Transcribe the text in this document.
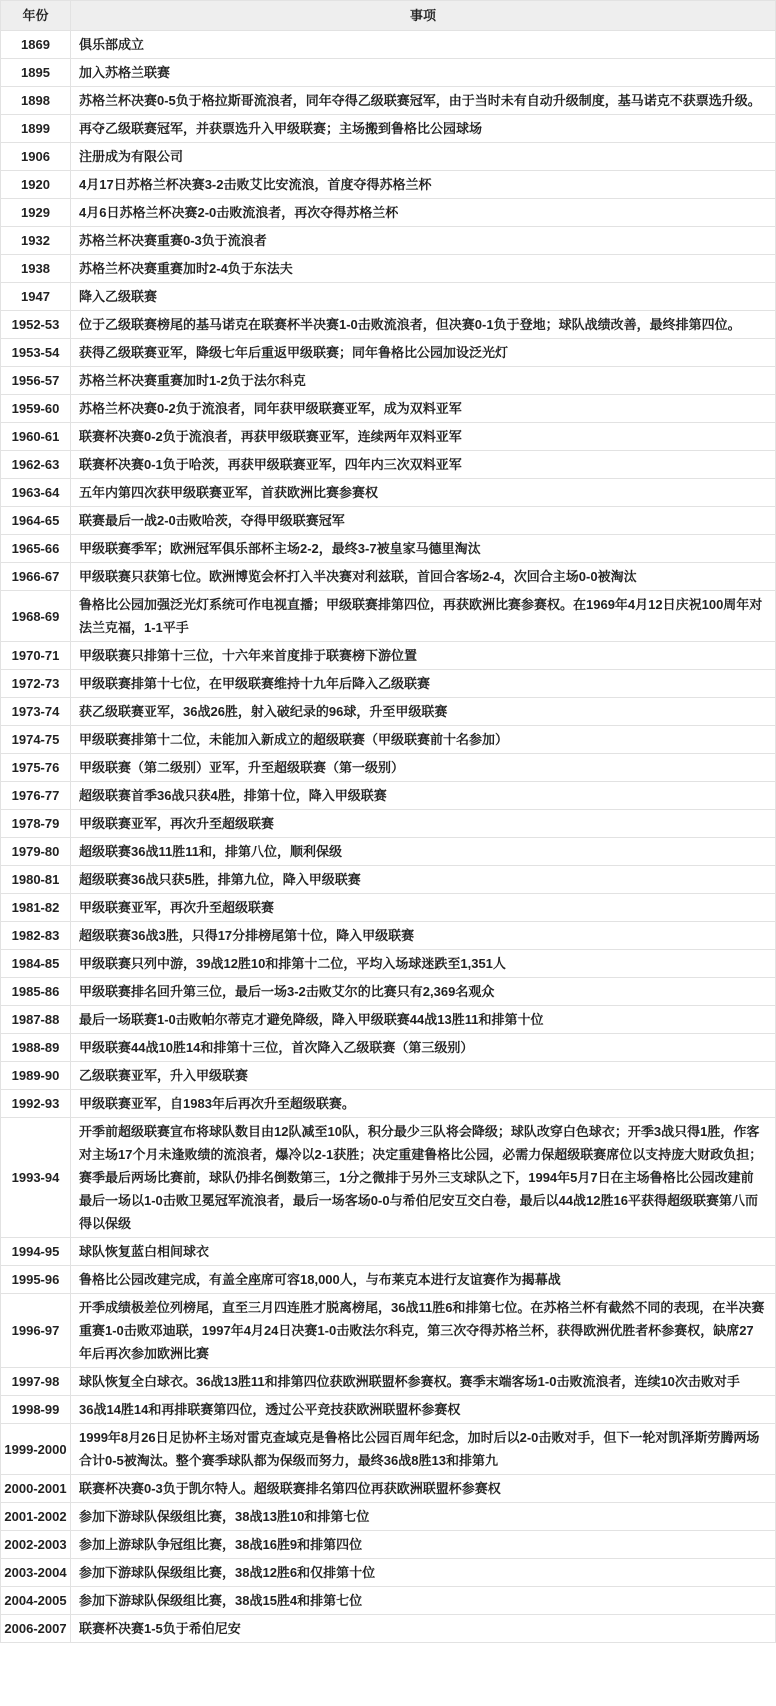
年份	事项
1869	俱乐部成立
1895	加入苏格兰联赛
1898	苏格兰杯决赛0-5负于格拉斯哥流浪者，同年夺得乙级联赛冠军，由于当时未有自动升级制度，基马诺克不获票选升级。
1899	再夺乙级联赛冠军，并获票选升入甲级联赛；主场搬到鲁格比公园球场
1906	注册成为有限公司
1920	4月17日苏格兰杯决赛3-2击败艾比安流浪，首度夺得苏格兰杯
1929	4月6日苏格兰杯决赛2-0击败流浪者，再次夺得苏格兰杯
1932	苏格兰杯决赛重赛0-3负于流浪者
1938	苏格兰杯决赛重赛加时2-4负于东法夫
1947	降入乙级联赛
1952-53	位于乙级联赛榜尾的基马诺克在联赛杯半决赛1-0击败流浪者，但决赛0-1负于登地；球队战绩改善，最终排第四位。
1953-54	获得乙级联赛亚军，降级七年后重返甲级联赛；同年鲁格比公园加设泛光灯
1956-57	苏格兰杯决赛重赛加时1-2负于法尔科克
1959-60	苏格兰杯决赛0-2负于流浪者，同年获甲级联赛亚军，成为双料亚军
1960-61	联赛杯决赛0-2负于流浪者，再获甲级联赛亚军，连续两年双料亚军
1962-63	联赛杯决赛0-1负于哈茨，再获甲级联赛亚军，四年内三次双料亚军
1963-64	五年内第四次获甲级联赛亚军，首获欧洲比赛参赛权
1964-65	联赛最后一战2-0击败哈茨，夺得甲级联赛冠军
1965-66	甲级联赛季军；欧洲冠军俱乐部杯主场2-2，最终3-7被皇家马德里淘汰
1966-67	甲级联赛只获第七位。欧洲博览会杯打入半决赛对利兹联，首回合客场2-4，次回合主场0-0被淘汰
1968-69	鲁格比公园加强泛光灯系统可作电视直播；甲级联赛排第四位，再获欧洲比赛参赛权。在1969年4月12日庆祝100周年对法兰克福，1-1平手
1970-71	甲级联赛只排第十三位，十六年来首度排于联赛榜下游位置
1972-73	甲级联赛排第十七位，在甲级联赛维持十九年后降入乙级联赛
1973-74	获乙级联赛亚军，36战26胜，射入破纪录的96球，升至甲级联赛
1974-75	甲级联赛排第十二位，未能加入新成立的超级联赛（甲级联赛前十名参加）
1975-76	甲级联赛（第二级别）亚军，升至超级联赛（第一级别）
1976-77	超级联赛首季36战只获4胜，排第十位，降入甲级联赛
1978-79	甲级联赛亚军，再次升至超级联赛
1979-80	超级联赛36战11胜11和，排第八位，顺利保级
1980-81	超级联赛36战只获5胜，排第九位，降入甲级联赛
1981-82	甲级联赛亚军，再次升至超级联赛
1982-83	超级联赛36战3胜，只得17分排榜尾第十位，降入甲级联赛
1984-85	甲级联赛只列中游，39战12胜10和排第十二位，平均入场球迷跌至1,351人
1985-86	甲级联赛排名回升第三位，最后一场3-2击败艾尔的比赛只有2,369名观众
1987-88	最后一场联赛1-0击败帕尔蒂克才避免降级，降入甲级联赛44战13胜11和排第十位
1988-89	甲级联赛44战10胜14和排第十三位，首次降入乙级联赛（第三级别）
1989-90	乙级联赛亚军，升入甲级联赛
1992-93	甲级联赛亚军，自1983年后再次升至超级联赛。
1993-94	开季前超级联赛宣布将球队数目由12队减至10队，积分最少三队将会降级；球队改穿白色球衣；开季3战只得1胜，作客对主场17个月未逢败绩的流浪者，爆冷以2-1获胜；决定重建鲁格比公园，必需力保超级联赛席位以支持庞大财政负担；赛季最后两场比赛前，球队仍排名倒数第三，1分之微排于另外三支球队之下，1994年5月7日在主场鲁格比公园改建前最后一场以1-0击败卫冕冠军流浪者，最后一场客场0-0与希伯尼安互交白卷，最后以44战12胜16平获得超级联赛第八而得以保级
1994-95	球队恢复蓝白相间球衣
1995-96	鲁格比公园改建完成，有盖全座席可容18,000人，与布莱克本进行友谊赛作为揭幕战
1996-97	开季成绩极差位列榜尾，直至三月四连胜才脱离榜尾，36战11胜6和排第七位。在苏格兰杯有截然不同的表现，在半决赛重赛1-0击败邓迪联，1997年4月24日决赛1-0击败法尔科克，第三次夺得苏格兰杯，获得欧洲优胜者杯参赛权，缺席27年后再次参加欧洲比赛
1997-98	球队恢复全白球衣。36战13胜11和排第四位获欧洲联盟杯参赛权。赛季末端客场1-0击败流浪者，连续10次击败对手
1998-99	36战14胜14和再排联赛第四位，透过公平竞技获欧洲联盟杯参赛权
1999-2000	1999年8月26日足协杯主场对雷克查域克是鲁格比公园百周年纪念，加时后以2-0击败对手，但下一轮对凯泽斯劳腾两场合计0-5被淘汰。整个赛季球队都为保级而努力，最终36战8胜13和排第九
2000-2001	联赛杯决赛0-3负于凯尔特人。超级联赛排名第四位再获欧洲联盟杯参赛权
2001-2002	参加下游球队保级组比赛，38战13胜10和排第七位
2002-2003	参加上游球队争冠组比赛，38战16胜9和排第四位
2003-2004	参加下游球队保级组比赛，38战12胜6和仅排第十位
2004-2005	参加下游球队保级组比赛，38战15胜4和排第七位
2006-2007	联赛杯决赛1-5负于希伯尼安
